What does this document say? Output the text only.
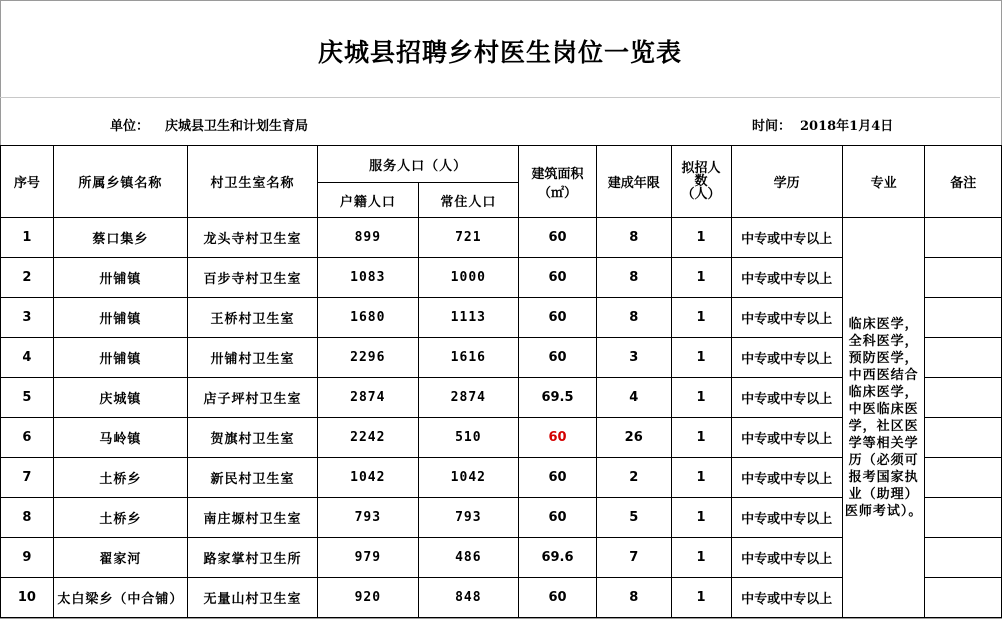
庆城县招聘乡村医生岗位一览表
单位： 庆城县卫生和计划生育局	时间： 2018年1月4日
序号	所属乡镇名称	村卫生室名称	服务人口（人）		建筑面积（㎡）	建成年限	拟招人数（人）	学历	专业	备注
			户籍人口	常住人口						
1	蔡口集乡	龙头寺村卫生室	899	721	60	8	1	中专或中专以上	临床医学，全科医学，预防医学，中西医结合临床医学，中医临床医学，社区医学等相关学历（必须可报考国家执业（助理）医师考试）。	
2	卅铺镇	百步寺村卫生室	1083	1000	60	8	1	中专或中专以上		
3	卅铺镇	王桥村卫生室	1680	1113	60	8	1	中专或中专以上		
4	卅铺镇	卅铺村卫生室	2296	1616	60	3	1	中专或中专以上		
5	庆城镇	店子坪村卫生室	2874	2874	69.5	4	1	中专或中专以上		
6	马岭镇	贺旗村卫生室	2242	510	60	26	1	中专或中专以上		
7	土桥乡	新民村卫生室	1042	1042	60	2	1	中专或中专以上		
8	土桥乡	南庄塬村卫生室	793	793	60	5	1	中专或中专以上		
9	翟家河	路家掌村卫生所	979	486	69.6	7	1	中专或中专以上		
10	太白梁乡（中合铺）	无量山村卫生室	920	848	60	8	1	中专或中专以上		
